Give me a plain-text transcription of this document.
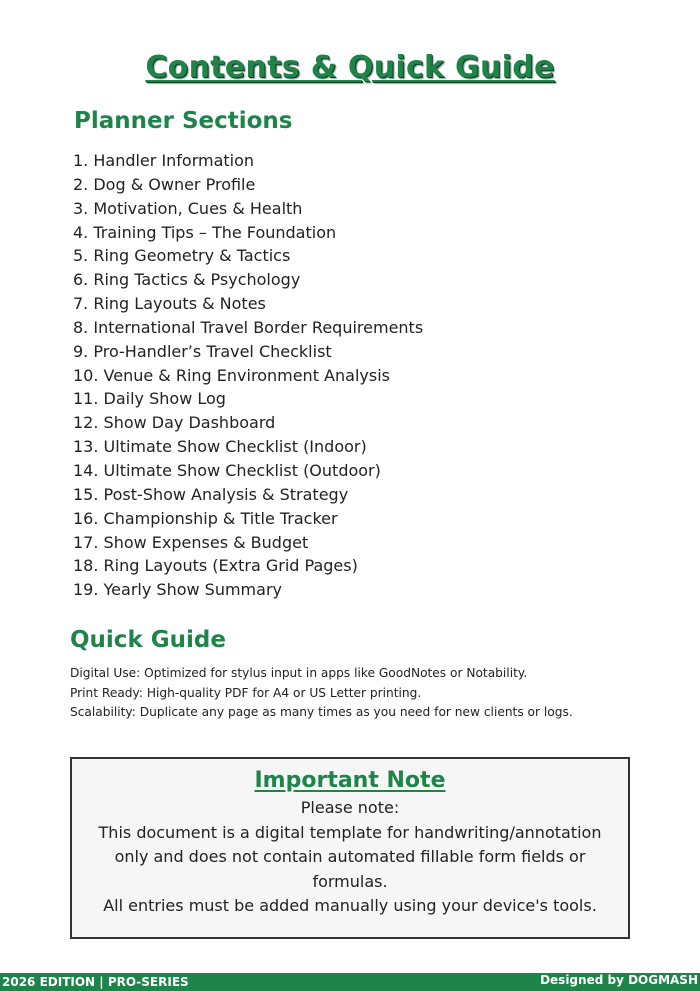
Contents & Quick Guide
Planner Sections
1. Handler Information
2. Dog & Owner Profile
3. Motivation, Cues & Health
4. Training Tips – The Foundation
5. Ring Geometry & Tactics
6. Ring Tactics & Psychology
7. Ring Layouts & Notes
8. International Travel Border Requirements
9. Pro-Handler’s Travel Checklist
10. Venue & Ring Environment Analysis
11. Daily Show Log
12. Show Day Dashboard
13. Ultimate Show Checklist (Indoor)
14. Ultimate Show Checklist (Outdoor)
15. Post-Show Analysis & Strategy
16. Championship & Title Tracker
17. Show Expenses & Budget
18. Ring Layouts (Extra Grid Pages)
19. Yearly Show Summary
Quick Guide
Digital Use: Optimized for stylus input in apps like GoodNotes or Notability.
Print Ready: High-quality PDF for A4 or US Letter printing.
Scalability: Duplicate any page as many times as you need for new clients or logs.
Important Note
Please note:
This document is a digital template for handwriting/annotation
only and does not contain automated fillable form fields or
formulas.
All entries must be added manually using your device's tools.
2026 EDITION | PRO-SERIES	Designed by DOGMASH
